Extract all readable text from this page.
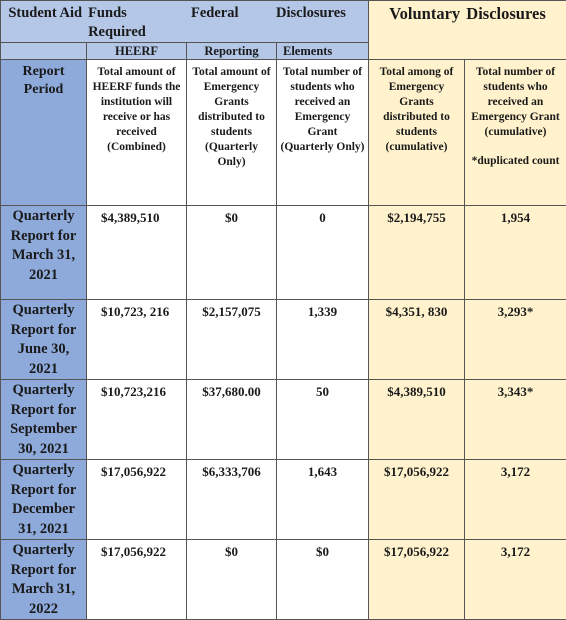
Student Aid Funds Required
Federal Disclosures				Voluntary Disclosures	
	HEERF	Reporting	Elements		
Report Period	Total amount of HEERF funds the institution will receive or has received (Combined)	Total amount of Emergency Grants distributed to students (Quarterly Only)	Total number of students who received an Emergency Grant (Quarterly Only)	Total among of Emergency Grants distributed to students (cumulative)	Total number of students who received an Emergency Grant (cumulative)
*duplicated count

Quarterly Report for March 31, 2021	$4,389,510	$0	0	$2,194,755	1,954
Quarterly Report for June 30, 2021	$10,723, 216	$2,157,075	1,339	$4,351, 830	3,293*
Quarterly Report for September 30, 2021	$10,723,216	$37,680.00	50	$4,389,510	3,343*
Quarterly Report for December 31, 2021	$17,056,922	$6,333,706	1,643	$17,056,922	3,172
Quarterly Report for March 31, 2022	$17,056,922	$0	$0	$17,056,922	3,172
